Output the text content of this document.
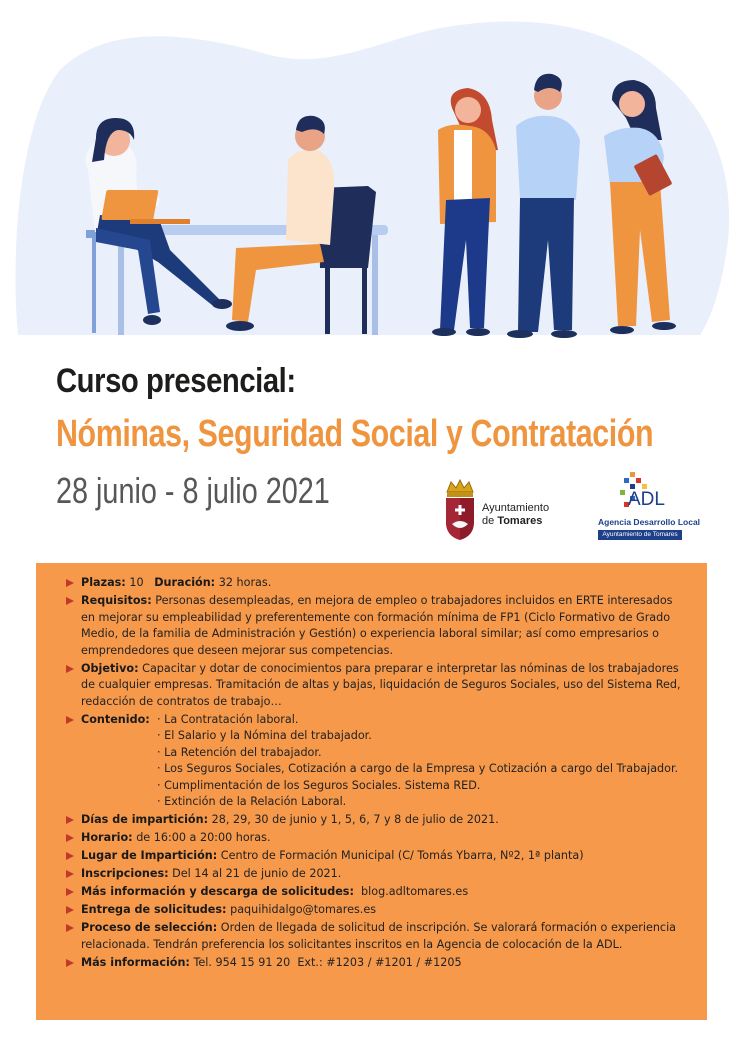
Curso presencial:
Nóminas, Seguridad Social y Contratación
28 junio - 8 julio 2021	Ayuntamiento
de Tomares
ADL
Agencia Desarrollo Local
Ayuntamiento de Tomares
Plazas: 10   Duración: 32 horas.
Requisitos: Personas desempleadas, en mejora de empleo o trabajadores incluidos en ERTE interesados en mejorar su empleabilidad y preferentemente con formación mínima de FP1 (Ciclo Formativo de Grado Medio, de la familia de Administración y Gestión) o experiencia laboral similar; así como empresarios o emprendedores que deseen mejorar sus competencias.
Objetivo: Capacitar y dotar de conocimientos para preparar e interpretar las nóminas de los trabajadores de cualquier empresas. Tramitación de altas y bajas, liquidación de Seguros Sociales, uso del Sistema Red, redacción de contratos de trabajo…
Contenido:
·	La Contratación laboral.
· El Salario y la Nómina del trabajador.
· La Retención del trabajador.
· Los Seguros Sociales, Cotización a cargo de la Empresa y Cotización a cargo del Trabajador.
· Cumplimentación de los Seguros Sociales. Sistema RED.
· Extinción de la Relación Laboral.
Días de impartición: 28, 29, 30 de junio y 1, 5, 6, 7 y 8 de julio de 2021.
Horario: de 16:00 a 20:00 horas.
Lugar de Impartición: Centro de Formación Municipal (C/ Tomás Ybarra, Nº2, 1ª planta)
Inscripciones: Del 14 al 21 de junio de 2021.
Más información y descarga de solicitudes:  blog.adltomares.es
Entrega de solicitudes: paquihidalgo@tomares.es
Proceso de selección: Orden de llegada de solicitud de inscripción. Se valorará formación o experiencia relacionada. Tendrán preferencia los solicitantes inscritos en la Agencia de colocación de la ADL.
Más información: Tel. 954 15 91 20  Ext.: #1203 / #1201 / #1205
